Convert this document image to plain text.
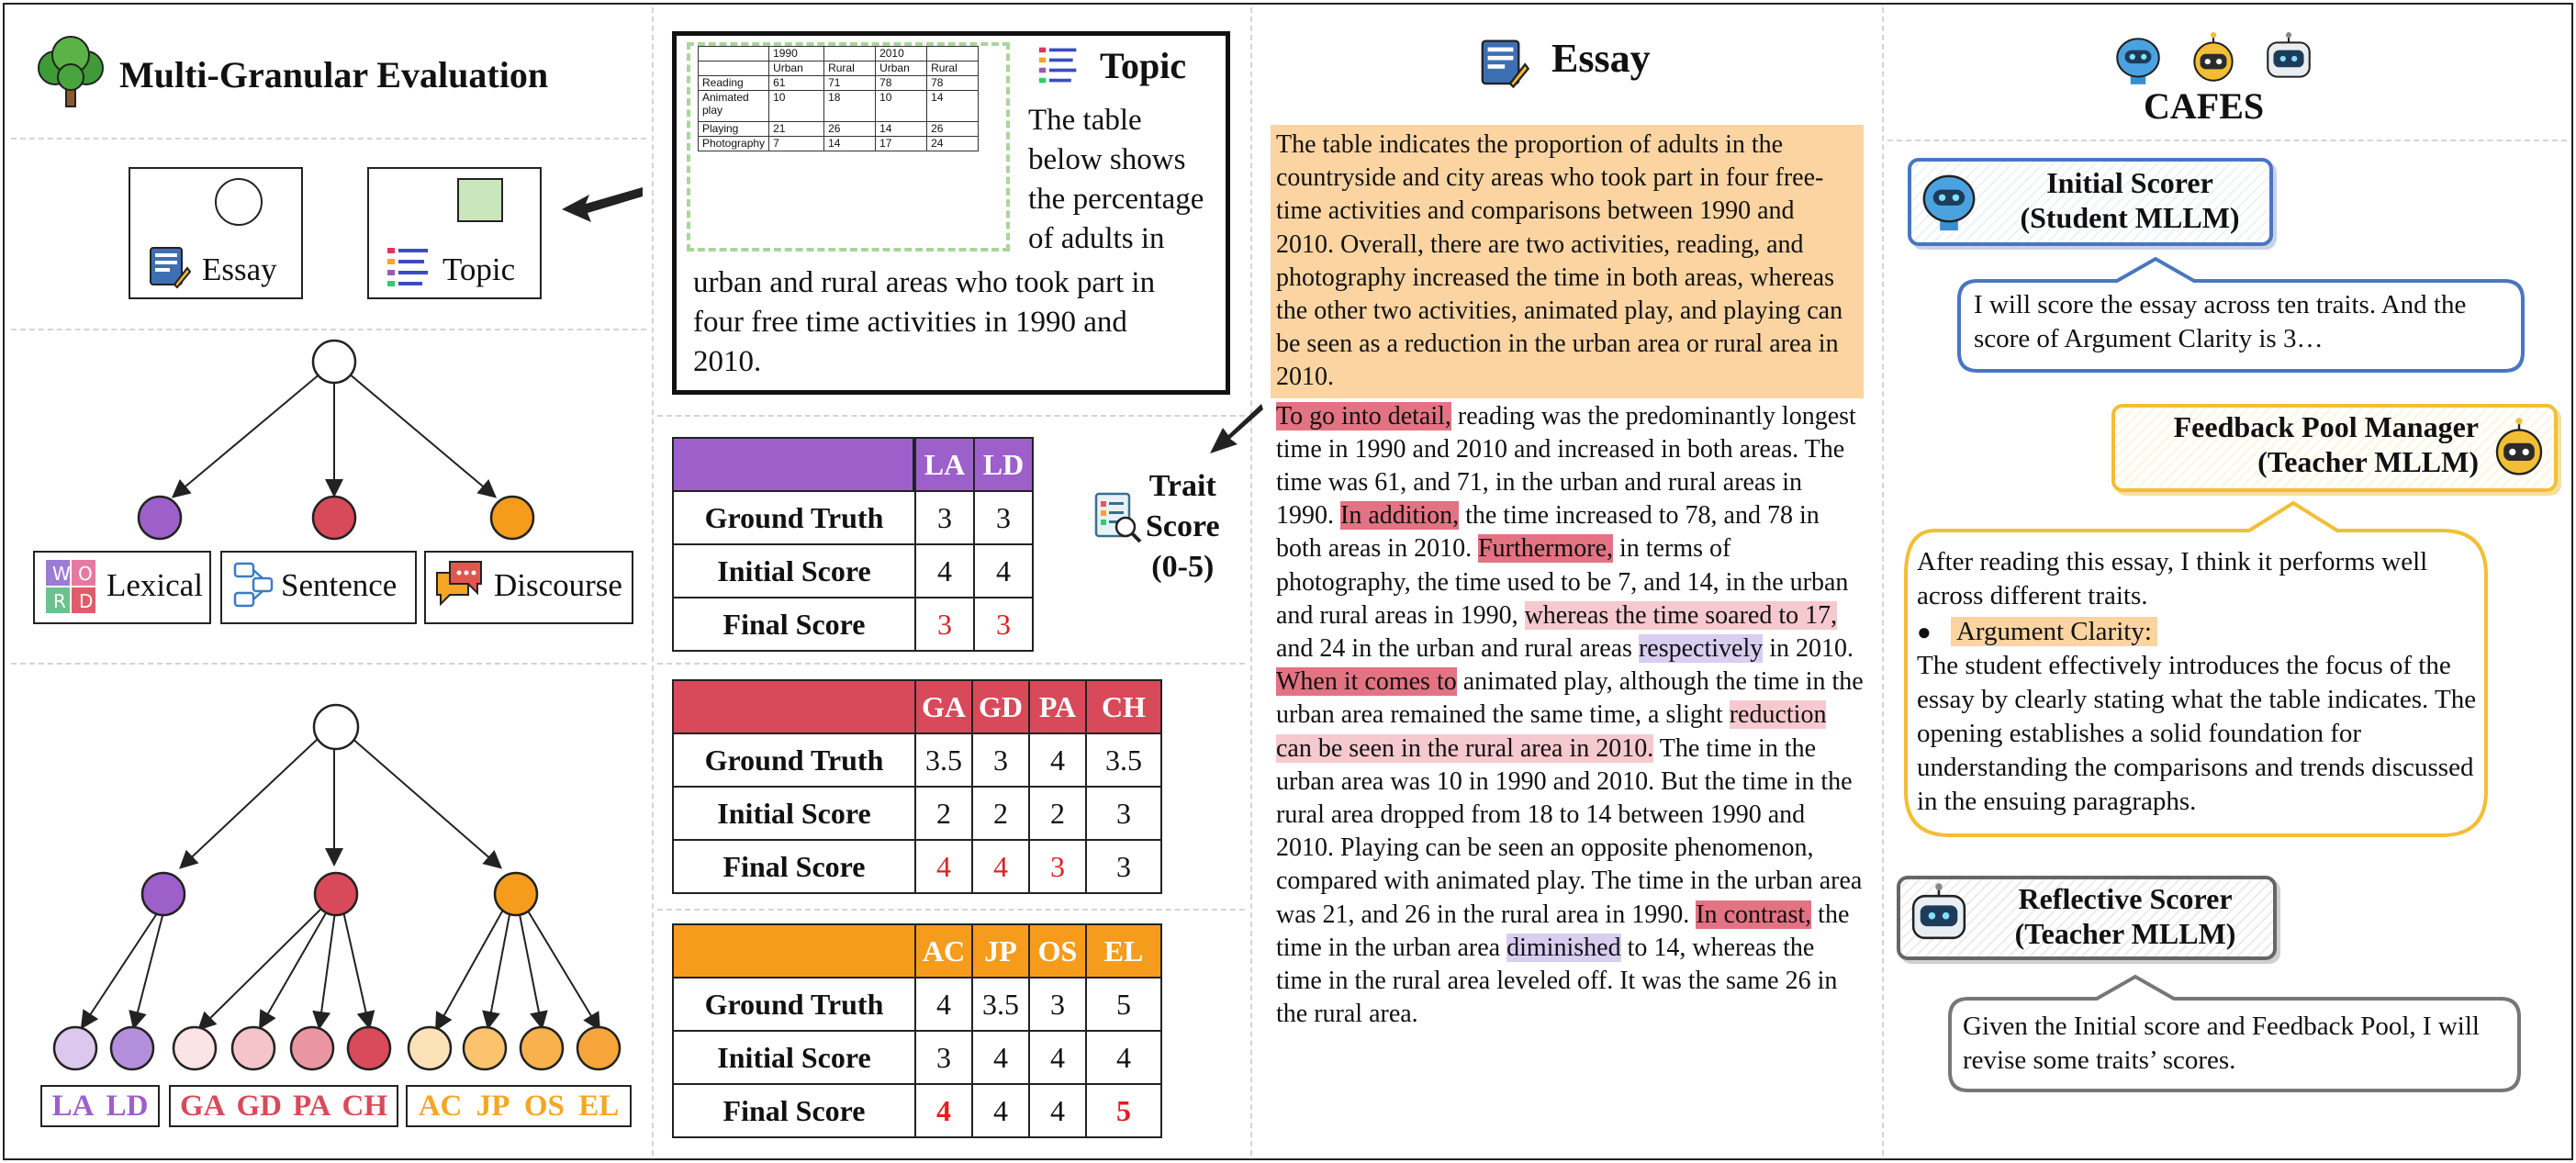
Multi-Granular Evaluation
Essay	Topic
W O
R D Lexical Sentence	Discourse
LA LD GA GD PA CH AC JP OS EL
	1990		2010	
	Urban	Rural	Urban	Rural
Reading	61	71	78	78
Animated play	10	18	10	14
Playing	21	26	14	26
Photography	7	14	17	24
Topic
The table
below shows
the percentage
of adults in
urban and rural areas who took part in
four free time activities in 1990 and
2010.
	LA	LD
Ground Truth	3	3
Initial Score	4	4
Final Score	3	3
Trait
Score
(0-5)
	GA	GD	PA	CH
Ground Truth	3.5	3	4	3.5
Initial Score	2	2	2	3
Final Score	4	4	3	3
	AC	JP	OS	EL
Ground Truth	4	3.5	3	5
Initial Score	3	4	4	4
Final Score	4	4	4	5
Essay
The table indicates the proportion of adults in the countryside and city areas who took part in four free-time activities and comparisons between 1990 and 2010. Overall, there are two activities, reading, and photography increased the time in both areas, whereas the other two activities, animated play, and playing can be seen as a reduction in the urban area or rural area in 2010.
To go into detail, reading was the predominantly longest time in 1990 and 2010 and increased in both areas. The time was 61, and 71, in the urban and rural areas in 1990. In addition, the time increased to 78, and 78 in both areas in 2010. Furthermore, in terms of photography, the time used to be 7, and 14, in the urban and rural areas in 1990, whereas the time soared to 17, and 24 in the urban and rural areas respectively in 2010. When it comes to animated play, although the time in the urban area remained the same time, a slight reduction can be seen in the rural area in 2010. The time in the urban area was 10 in 1990 and 2010. But the time in the rural area dropped from 18 to 14 between 1990 and 2010. Playing can be seen an opposite phenomenon, compared with animated play. The time in the urban area was 21, and 26 in the rural area in 1990. In contrast, the time in the urban area diminished to 14, whereas the time in the rural area leveled off. It was the same 26 in the rural area.
CAFES
Initial Scorer
(Student MLLM)
I will score the essay across ten traits. And the score of Argument Clarity is 3…
Feedback Pool Manager
(Teacher MLLM)
After reading this essay, I think it performs well across different traits.
● Argument Clarity:
The student effectively introduces the focus of the essay by clearly stating what the table indicates. The opening establishes a solid foundation for understanding the comparisons and trends discussed in the ensuing paragraphs.
Reflective Scorer
(Teacher MLLM)
Given the Initial score and Feedback Pool, I will revise some traits’ scores.
